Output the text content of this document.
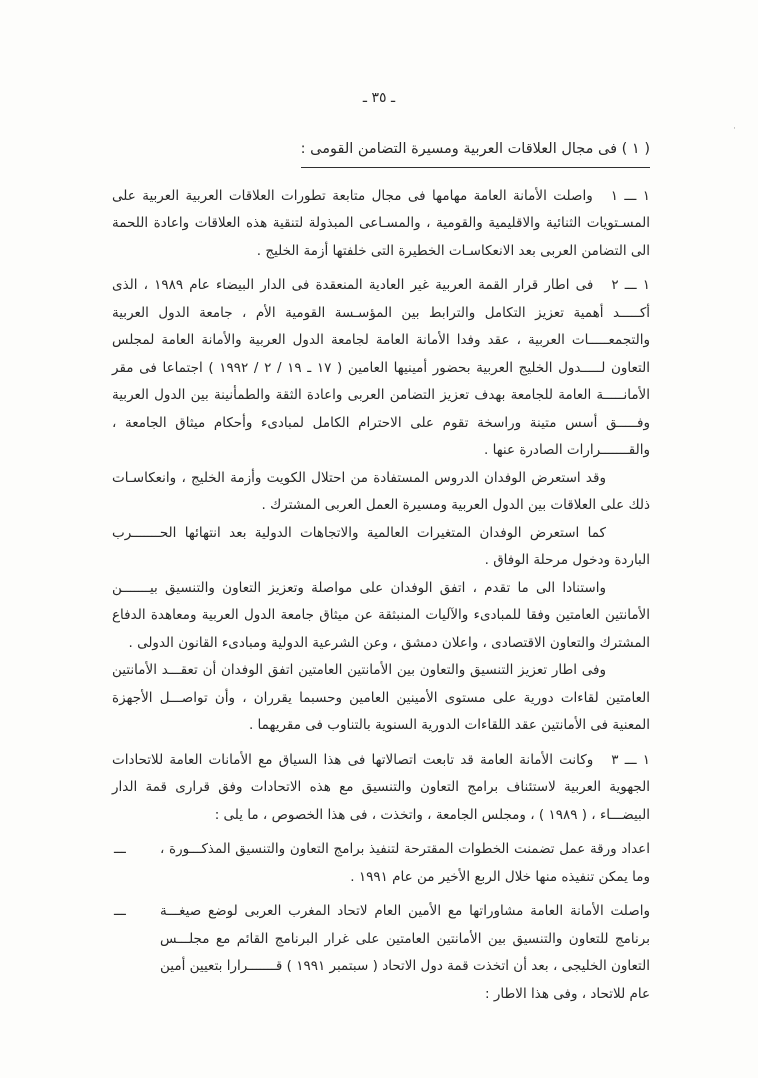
ـ ٣٥ ـ
·
( ١ ) فى مجال العلاقات العربية ومسيرة التضامن القومى :

١ ـــ ١واصلت الأمانة العامة مهامها فى مجال متابعة تطورات العلاقات العربية العربية على المسـتويات الثنائية والاقليمية والقومية ، والمسـاعى المبذولة لتنقية هذه العلاقات واعادة اللحمة الى التضامن العربى بعد الانعكاسـات الخطيرة التى خلفتها أزمة الخليج .

١ ـــ ٢فى اطار قرار القمة العربية غير العادية المنعقدة فى الدار البيضاء عام ١٩٨٩ ، الذى أكـــــد أهمية تعزيز التكامل والترابط بين المؤسـسة القومية الأم ، جامعة الدول العربية والتجمعـــــات العربية ، عقد وفدا الأمانة العامة لجامعة الدول العربية والأمانة العامة لمجلس التعاون لـــــدول الخليج العربية بحضور أمينيها العامين ( ١٧ ـ ١٩ / ٢ / ١٩٩٢ ) اجتماعا فى مقر الأمانـــــة العامة للجامعة بهدف تعزيز التضامن العربى واعادة الثقة والطمأنينة بين الدول العربية وفـــــق أسس متينة وراسخة تقوم على الاحترام الكامل لمبادىء وأحكام ميثاق الجامعة ، والقـــــــرارات الصادرة عنها .

وقد استعرض الوفدان الدروس المستفادة من احتلال الكويت وأزمة الخليج ، وانعكاسـات ذلك على العلاقات بين الدول العربية ومسيرة العمل العربى المشترك .

كما استعرض الوفدان المتغيرات العالمية والاتجاهات الدولية بعد انتهائها الحـــــــرب الباردة ودخول مرحلة الوفاق .

واستنادا الى ما تقدم ، اتفق الوفدان على مواصلة وتعزيز التعاون والتنسيق بيـــــــن الأمانتين العامتين وفقا للمبادىء والآليات المنبثقة عن ميثاق جامعة الدول العربية ومعاهدة الدفاع المشترك والتعاون الاقتصادى ، واعلان دمشق ، وعن الشرعية الدولية ومبادىء القانون الدولى .

وفى اطار تعزيز التنسيق والتعاون بين الأمانتين العامتين اتفق الوفدان أن تعقـــد الأمانتين العامتين لقاءات دورية على مستوى الأمينين العامين وحسبما يقرران ، وأن تواصـــل الأجهزة المعنية فى الأمانتين عقد اللقاءات الدورية السنوية بالتناوب فى مقريهما .

١ ـــ ٣وكانت الأمانة العامة قد تابعت اتصالاتها فى هذا السياق مع الأمانات العامة للاتحادات الجهوية العربية لاستئناف برامج التعاون والتنسيق مع هذه الاتحادات وفق قرارى قمة الدار البيضـــاء ، ( ١٩٨٩ ) ، ومجلس الجامعة ، واتخذت ، فى هذا الخصوص ، ما يلى :

ـــ	اعداد ورقة عمل تضمنت الخطوات المقترحة لتنفيذ برامج التعاون والتنسيق المذكـــورة ، وما يمكن تنفيذه منها خلال الربع الأخير من عام ١٩٩١ .

ـــ	واصلت الأمانة العامة مشاوراتها مع الأمين العام لاتحاد المغرب العربى لوضع صيغـــة برنامج للتعاون والتنسيق بين الأمانتين العامتين على غرار البرنامج القائم مع مجلـــس التعاون الخليجى ، بعد أن اتخذت قمة دول الاتحاد ( سبتمبر ١٩٩١ ) قـــــــرارا بتعيين أمين عام للاتحاد ، وفى هذا الاطار :
